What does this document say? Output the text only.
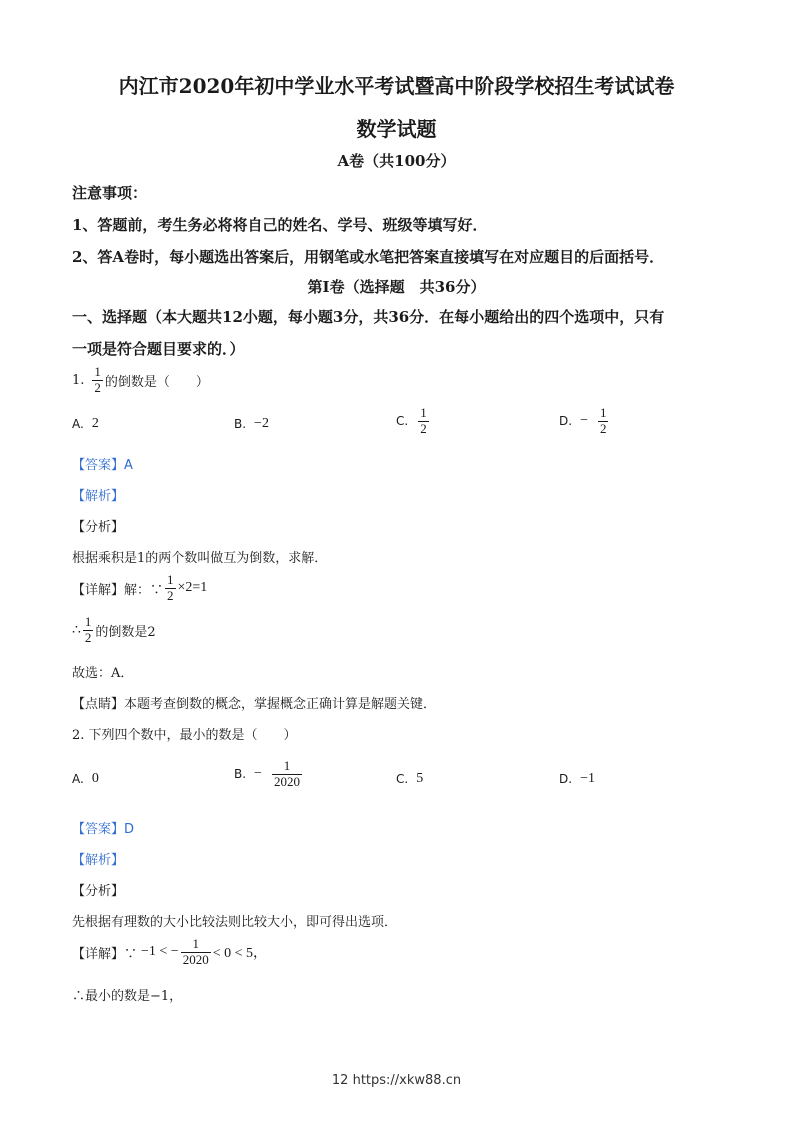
内江市2020年初中学业水平考试暨高中阶段学校招生考试试卷
数学试题
A卷（共100分）
注意事项：
1、答题前，考生务必将将自己的姓名、学号、班级等填写好．
2、答A卷时，每小题选出答案后，用钢笔或水笔把答案直接填写在对应题目的后面括号．
第Ⅰ卷（选择题　共36分）
一、选择题（本大题共12小题，每小题3分，共36分．在每小题给出的四个选项中，只有
一项是符合题目要求的．）
1. $\frac{1}{2}$ 的倒数是（　　）
A. 2	B. −2	C. $\frac{1}{2}$	D. − $\frac{1}{2}$
【答案】A
【解析】
【分析】
根据乘积是1的两个数叫做互为倒数，求解．
【详解】解：∵ $\frac{1}{2} \times 2=1$
∴ $\frac{1}{2}$ 的倒数是2
故选：A．
【点睛】本题考查倒数的概念，掌握概念正确计算是解题关键．
2. 下列四个数中，最小的数是（　　）
A. 0	B. − $\frac{1}{2020}$	C. 5	D. −1
【答案】D
【解析】
【分析】
先根据有理数的大小比较法则比较大小，即可得出选项．
【详解】∵ −1 < − $\frac{1}{2020} < 0 < 5$，
∴最小的数是−1，
12 https://xkw88.cn
